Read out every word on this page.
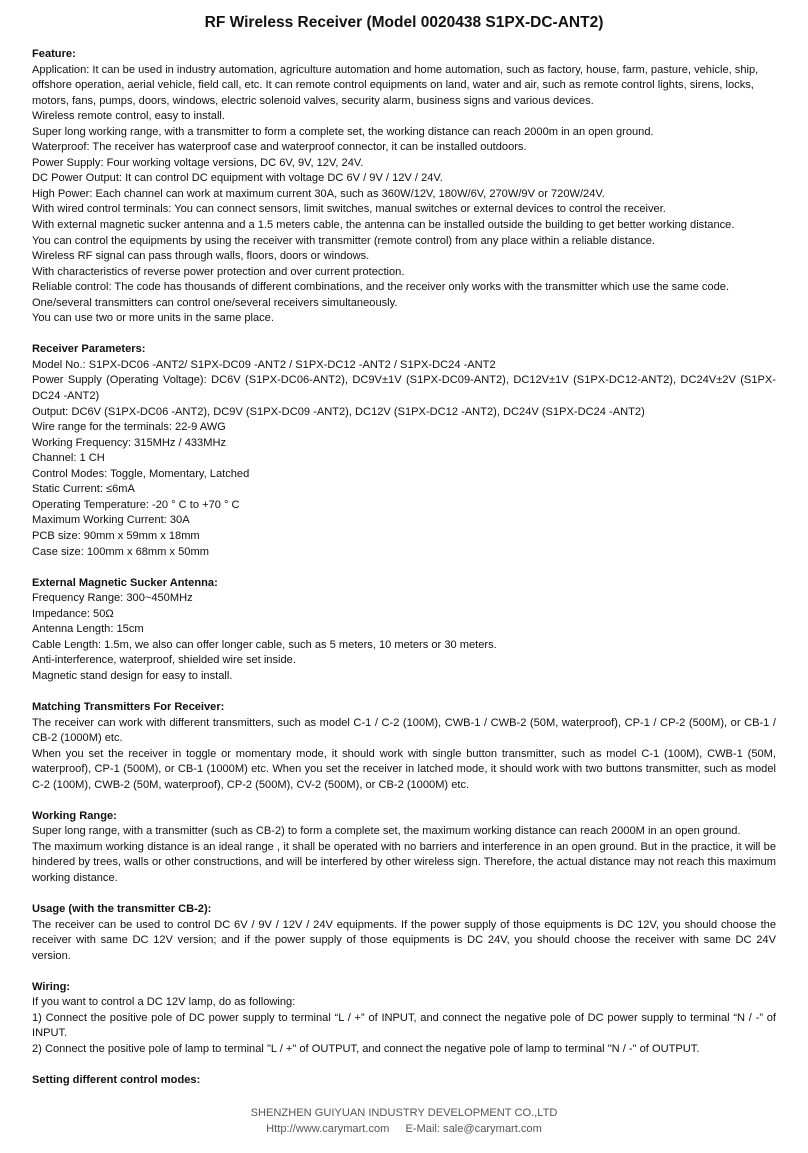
RF Wireless Receiver (Model 0020438 S1PX-DC-ANT2)

Feature:

Application: It can be used in industry automation, agriculture automation and home automation, such as factory, house, farm, pasture, vehicle, ship, offshore operation, aerial vehicle, field call, etc. It can remote control equipments on land, water and air, such as remote control lights, sirens, locks, motors, fans, pumps, doors, windows, electric solenoid valves, security alarm, business signs and various devices.

Wireless remote control, easy to install.

Super long working range, with a transmitter to form a complete set, the working distance can reach 2000m in an open ground.

Waterproof: The receiver has waterproof case and waterproof connector, it can be installed outdoors.

Power Supply: Four working voltage versions, DC 6V, 9V, 12V, 24V.

DC Power Output: It can control DC equipment with voltage DC 6V / 9V / 12V / 24V.

High Power: Each channel can work at maximum current 30A, such as 360W/12V, 180W/6V, 270W/9V or 720W/24V.

With wired control terminals: You can connect sensors, limit switches, manual switches or external devices to control the receiver.

With external magnetic sucker antenna and a 1.5 meters cable, the antenna can be installed outside the building to get better working distance.

You can control the equipments by using the receiver with transmitter (remote control) from any place within a reliable distance.

Wireless RF signal can pass through walls, floors, doors or windows.

With characteristics of reverse power protection and over current protection.

Reliable control: The code has thousands of different combinations, and the receiver only works with the transmitter which use the same code.

One/several transmitters can control one/several receivers simultaneously.

You can use two or more units in the same place.

Receiver Parameters:

Model No.: S1PX-DC06 -ANT2/ S1PX-DC09 -ANT2 / S1PX-DC12 -ANT2 / S1PX-DC24 -ANT2

Power Supply (Operating Voltage): DC6V (S1PX-DC06-ANT2), DC9V±1V (S1PX-DC09-ANT2), DC12V±1V (S1PX-DC12-ANT2), DC24V±2V (S1PX-DC24 -ANT2)

Output: DC6V (S1PX-DC06 -ANT2), DC9V (S1PX-DC09 -ANT2), DC12V (S1PX-DC12 -ANT2), DC24V (S1PX-DC24 -ANT2)

Wire range for the terminals: 22-9 AWG

Working Frequency: 315MHz / 433MHz

Channel: 1 CH

Control Modes: Toggle, Momentary, Latched

Static Current: ≤6mA

Operating Temperature: -20 ° C to +70 ° C

Maximum Working Current: 30A

PCB size: 90mm x 59mm x 18mm

Case size: 100mm x 68mm x 50mm

External Magnetic Sucker Antenna:

Frequency Range: 300~450MHz

Impedance: 50Ω

Antenna Length: 15cm

Cable Length: 1.5m, we also can offer longer cable, such as 5 meters, 10 meters or 30 meters.

Anti-interference, waterproof, shielded wire set inside.

Magnetic stand design for easy to install.

Matching Transmitters For Receiver:

The receiver can work with different transmitters, such as model C-1 / C-2 (100M), CWB-1 / CWB-2 (50M, waterproof), CP-1 / CP-2 (500M), or CB-1 / CB-2 (1000M) etc.

When you set the receiver in toggle or momentary mode, it should work with single button transmitter, such as model C-1 (100M), CWB-1 (50M, waterproof), CP-1 (500M), or CB-1 (1000M) etc. When you set the receiver in latched mode, it should work with two buttons transmitter, such as model C-2 (100M), CWB-2 (50M, waterproof), CP-2 (500M), CV-2 (500M), or CB-2 (1000M) etc.

Working Range:

Super long range, with a transmitter (such as CB-2) to form a complete set, the maximum working distance can reach 2000M in an open ground.

The maximum working distance is an ideal range , it shall be operated with no barriers and interference in an open ground. But in the practice, it will be hindered by trees, walls or other constructions, and will be interfered by other wireless sign. Therefore, the actual distance may not reach this maximum working distance.

Usage (with the transmitter CB-2):

The receiver can be used to control DC 6V / 9V / 12V / 24V equipments. If the power supply of those equipments is DC 12V, you should choose the receiver with same DC 12V version; and if the power supply of those equipments is DC 24V, you should choose the receiver with same DC 24V version.

Wiring:

If you want to control a DC 12V lamp, do as following:

1) Connect the positive pole of DC power supply to terminal “L / +” of INPUT, and connect the negative pole of DC power supply to terminal “N / -” of INPUT.

2) Connect the positive pole of lamp to terminal "L / +" of OUTPUT, and connect the negative pole of lamp to terminal "N / -" of OUTPUT.

Setting different control modes:

SHENZHEN GUIYUAN INDUSTRY DEVELOPMENT CO.,LTD
Http://www.carymart.com E-Mail: sale@carymart.com
